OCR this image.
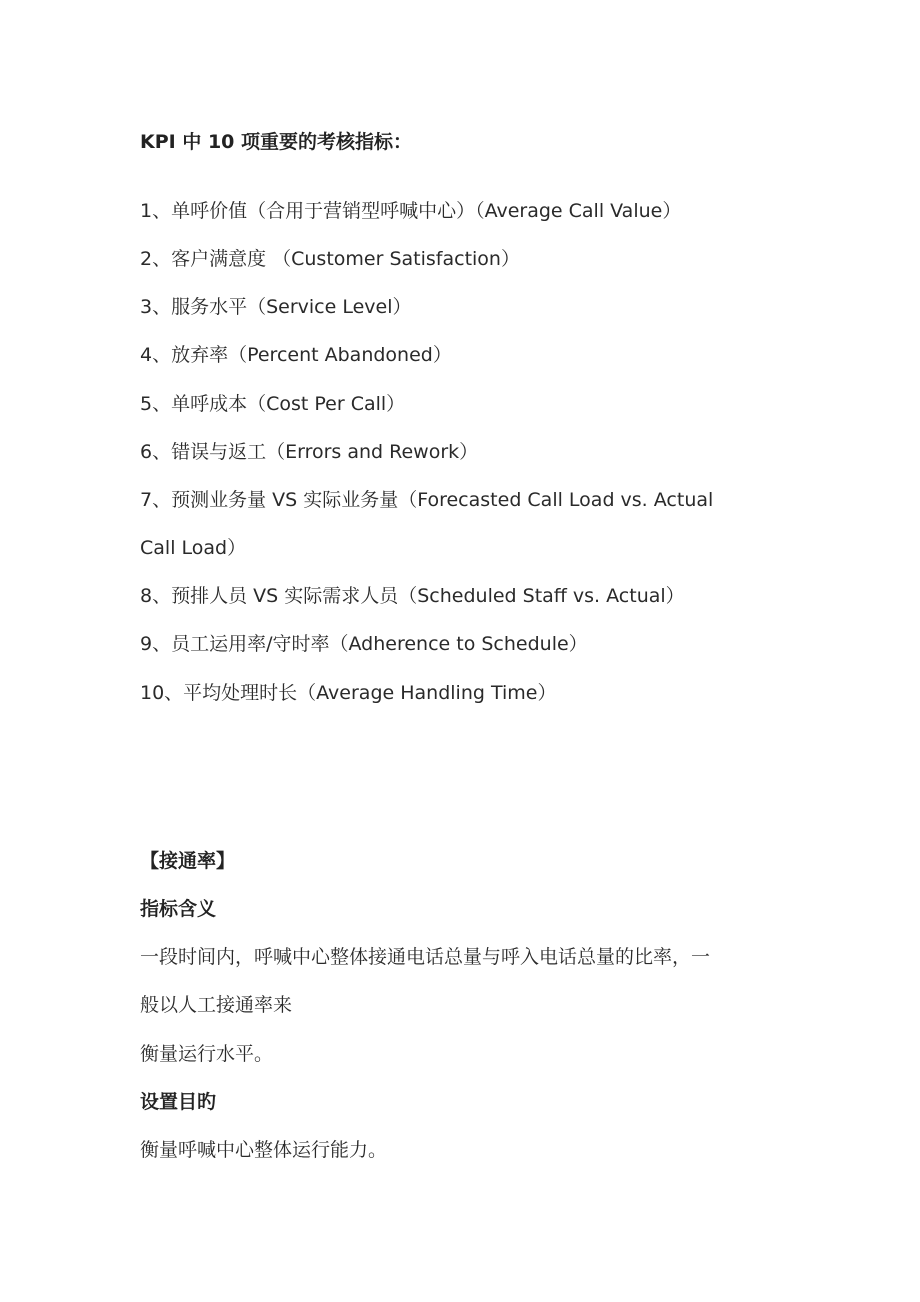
KPI 中 10 项重要的考核指标：
1、单呼价值（合用于营销型呼喊中心）（Average Call Value）
2、客户满意度 （Customer Satisfaction）
3、服务水平（Service Level）
4、放弃率（Percent Abandoned）
5、单呼成本（Cost Per Call）
6、错误与返工（Errors and Rework）
7、预测业务量 VS 实际业务量（Forecasted Call Load vs. Actual
Call Load）
8、预排人员 VS 实际需求人员（Scheduled Staff vs. Actual）
9、员工运用率/守时率（Adherence to Schedule）
10、平均处理时长（Average Handling Time）
【接通率】
指标含义
一段时间内，呼喊中心整体接通电话总量与呼入电话总量的比率，一
般以人工接通率来
衡量运行水平。
设置目旳
衡量呼喊中心整体运行能力。
